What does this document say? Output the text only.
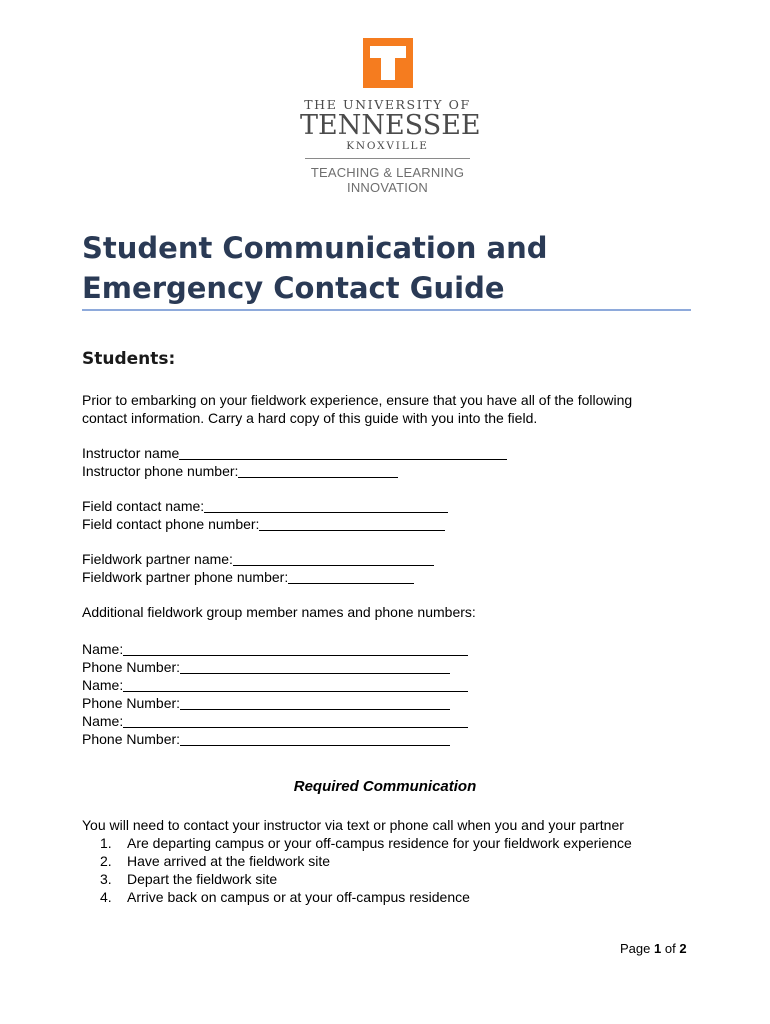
THE UNIVERSITY OF
TENNESSEE
KNOXVILLE
TEACHING & LEARNING
INNOVATION
Student Communication and
Emergency Contact Guide
Students:
Prior to embarking on your fieldwork experience, ensure that you have all of the following
contact information. Carry a hard copy of this guide with you into the field.
Instructor name
Instructor phone number:
Field contact name:
Field contact phone number:
Fieldwork partner name:
Fieldwork partner phone number:
Additional fieldwork group member names and phone numbers:
Name:
Phone Number:
Name:
Phone Number:
Name:
Phone Number:
Required Communication
You will need to contact your instructor via text or phone call when you and your partner
1. Are departing campus or your off-campus residence for your fieldwork experience
2. Have arrived at the fieldwork site
3. Depart the fieldwork site
4. Arrive back on campus or at your off-campus residence
Page 1 of 2
